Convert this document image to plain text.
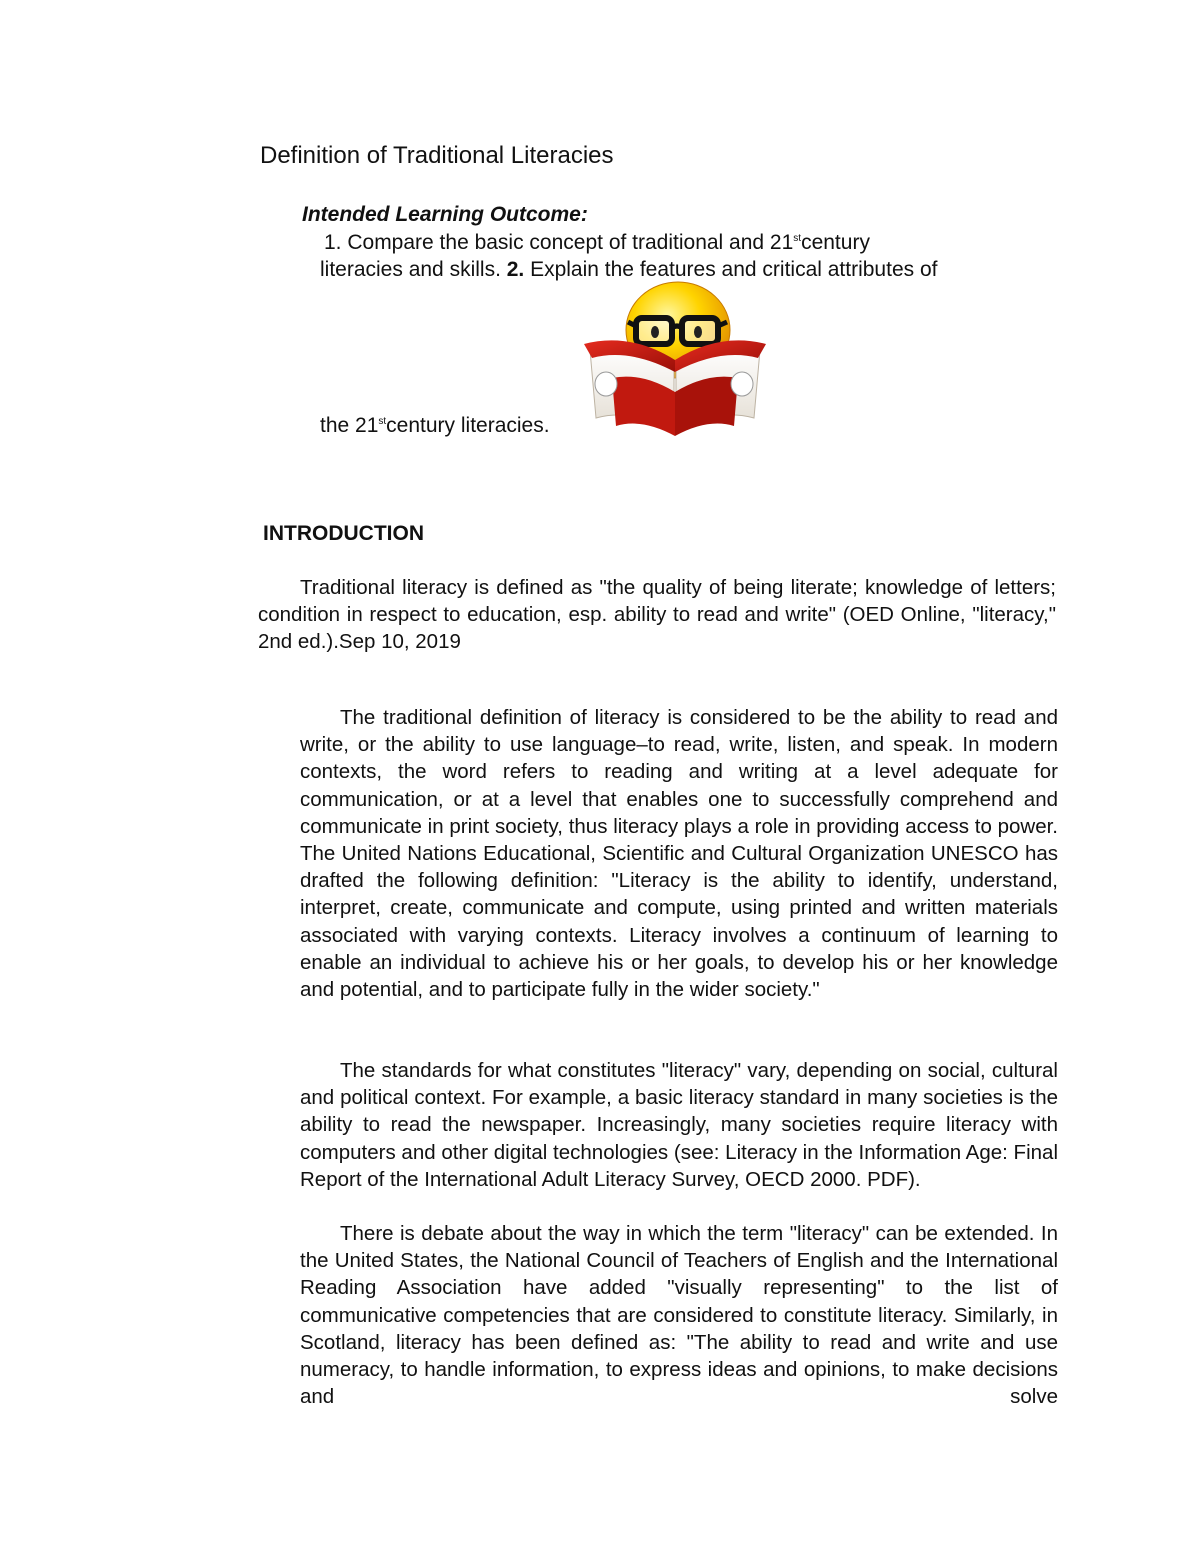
Definition of Traditional Literacies
Intended Learning Outcome:
1. Compare the basic concept of traditional and 21stcentury
literacies and skills. 2. Explain the features and critical attributes of
the 21stcentury literacies.
INTRODUCTION
Traditional literacy is defined as "the quality of being literate; knowledge of letters; condition in respect to education, esp. ability to read and write" (OED Online, "literacy," 2nd ed.).Sep 10, 2019
The traditional definition of literacy is considered to be the ability to read and write, or the ability to use language–to read, write, listen, and speak. In modern contexts, the word refers to reading and writing at a level adequate for communication, or at a level that enables one to successfully comprehend and communicate in print society, thus literacy plays a role in providing access to power. The United Nations Educational, Scientific and Cultural Organization UNESCO has drafted the following definition: "Literacy is the ability to identify, understand, interpret, create, communicate and compute, using printed and written materials associated with varying contexts. Literacy involves a continuum of learning to enable an individual to achieve his or her goals, to develop his or her knowledge and potential, and to participate fully in the wider society."
The standards for what constitutes "literacy" vary, depending on social, cultural and political context. For example, a basic literacy standard in many societies is the ability to read the newspaper. Increasingly, many societies require literacy with computers and other digital technologies (see: Literacy in the Information Age: Final Report of the International Adult Literacy Survey, OECD 2000. PDF).
There is debate about the way in which the term "literacy" can be extended. In the United States, the National Council of Teachers of English and the International Reading Association have added "visually representing" to the list of communicative competencies that are considered to constitute literacy. Similarly, in Scotland, literacy has been defined as: "The ability to read and write and use numeracy, to handle information, to express ideas and opinions, to make decisions and solve
